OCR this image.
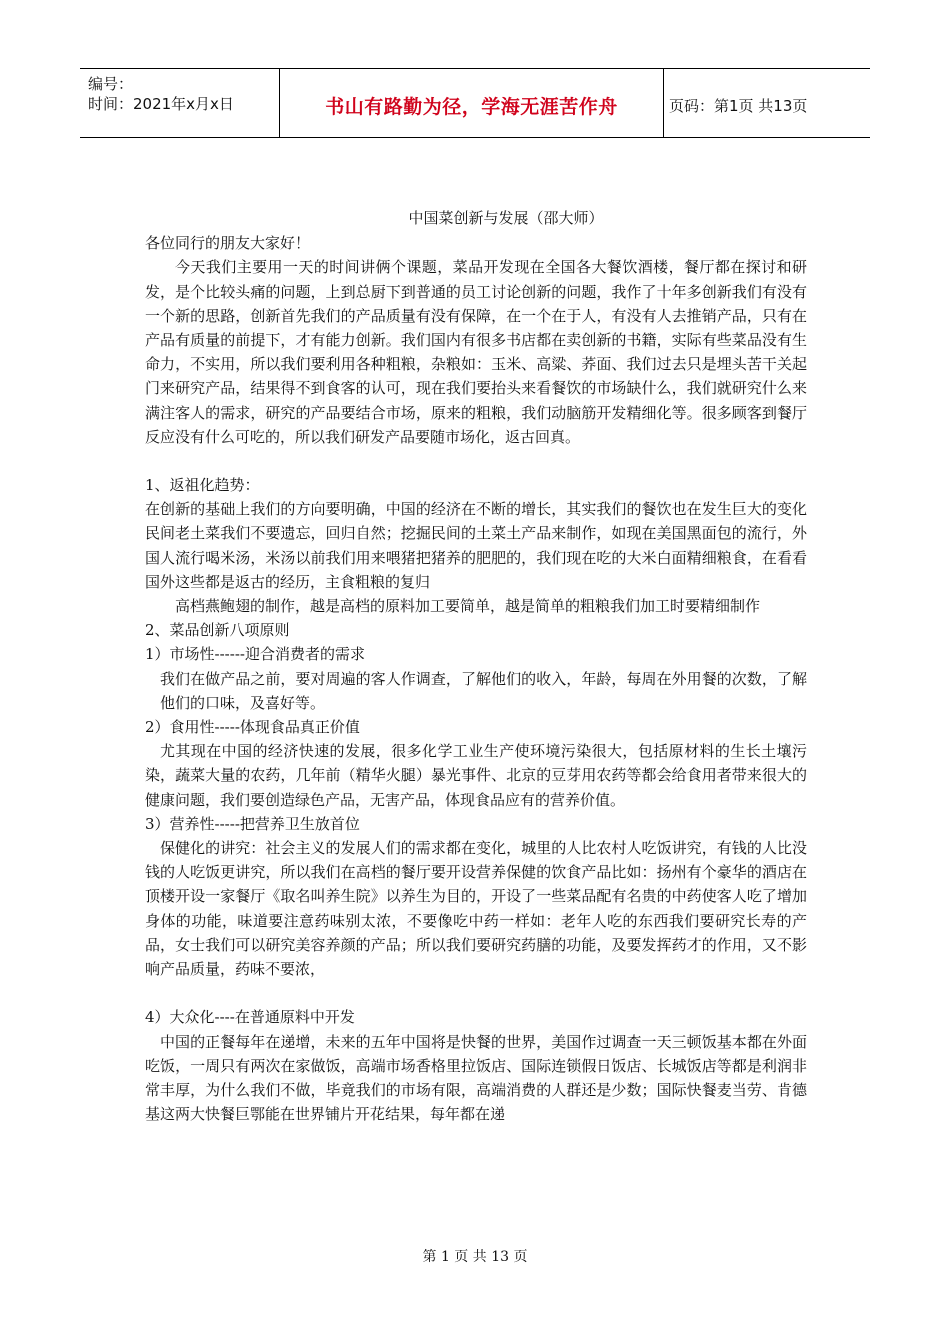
编号：
时间：2021年x月x日	书山有路勤为径，学海无涯苦作舟	页码：第1页 共13页

中国菜创新与发展（邵大师）

各位同行的朋友大家好！

今天我们主要用一天的时间讲俩个课题，菜品开发现在全国各大餐饮酒楼，餐厅都在探讨和研发，是个比较头痛的问题，上到总厨下到普通的员工讨论创新的问题，我作了十年多创新我们有没有一个新的思路，创新首先我们的产品质量有没有保障，在一个在于人，有没有人去推销产品，只有在产品有质量的前提下，才有能力创新。我们国内有很多书店都在卖创新的书籍，实际有些菜品没有生命力，不实用，所以我们要利用各种粗粮，杂粮如：玉米、高粱、荞面、我们过去只是埋头苦干关起门来研究产品，结果得不到食客的认可，现在我们要抬头来看餐饮的市场缺什么，我们就研究什么来满注客人的需求，研究的产品要结合市场，原来的粗粮，我们动脑筋开发精细化等。很多顾客到餐厅反应没有什么可吃的，所以我们研发产品要随市场化，返古回真。

1、返祖化趋势：

在创新的基础上我们的方向要明确，中国的经济在不断的增长，其实我们的餐饮也在发生巨大的变化民间老土菜我们不要遗忘，回归自然；挖掘民间的土菜土产品来制作，如现在美国黑面包的流行，外国人流行喝米汤，米汤以前我们用来喂猪把猪养的肥肥的，我们现在吃的大米白面精细粮食，在看看国外这些都是返古的经历，主食粗粮的复归

高档燕鲍翅的制作，越是高档的原料加工要简单，越是简单的粗粮我们加工时要精细制作

2、菜品创新八项原则

1）市场性------迎合消费者的需求

我们在做产品之前，要对周遍的客人作调查，了解他们的收入，年龄，每周在外用餐的次数，了解他们的口味，及喜好等。

2）食用性-----体现食品真正价值

尤其现在中国的经济快速的发展，很多化学工业生产使环境污染很大，包括原材料的生长土壤污染，蔬菜大量的农药，几年前（精华火腿）暴光事件、北京的豆芽用农药等都会给食用者带来很大的健康问题，我们要创造绿色产品，无害产品，体现食品应有的营养价值。

3）营养性-----把营养卫生放首位

保健化的讲究：社会主义的发展人们的需求都在变化，城里的人比农村人吃饭讲究，有钱的人比没钱的人吃饭更讲究，所以我们在高档的餐厅要开设营养保健的饮食产品比如：扬州有个豪华的酒店在顶楼开设一家餐厅《取名叫养生院》以养生为目的，开设了一些菜品配有名贵的中药使客人吃了增加身体的功能，味道要注意药味别太浓，不要像吃中药一样如：老年人吃的东西我们要研究长寿的产品，女士我们可以研究美容养颜的产品；所以我们要研究药膳的功能，及要发挥药才的作用，又不影响产品质量，药味不要浓，

4）大众化----在普通原料中开发

中国的正餐每年在递增，未来的五年中国将是快餐的世界，美国作过调查一天三顿饭基本都在外面吃饭，一周只有两次在家做饭，高端市场香格里拉饭店、国际连锁假日饭店、长城饭店等都是利润非常丰厚，为什么我们不做，毕竟我们的市场有限，高端消费的人群还是少数；国际快餐麦当劳、肯德基这两大快餐巨鄂能在世界铺片开花结果，每年都在递

第 1 页 共 13 页
